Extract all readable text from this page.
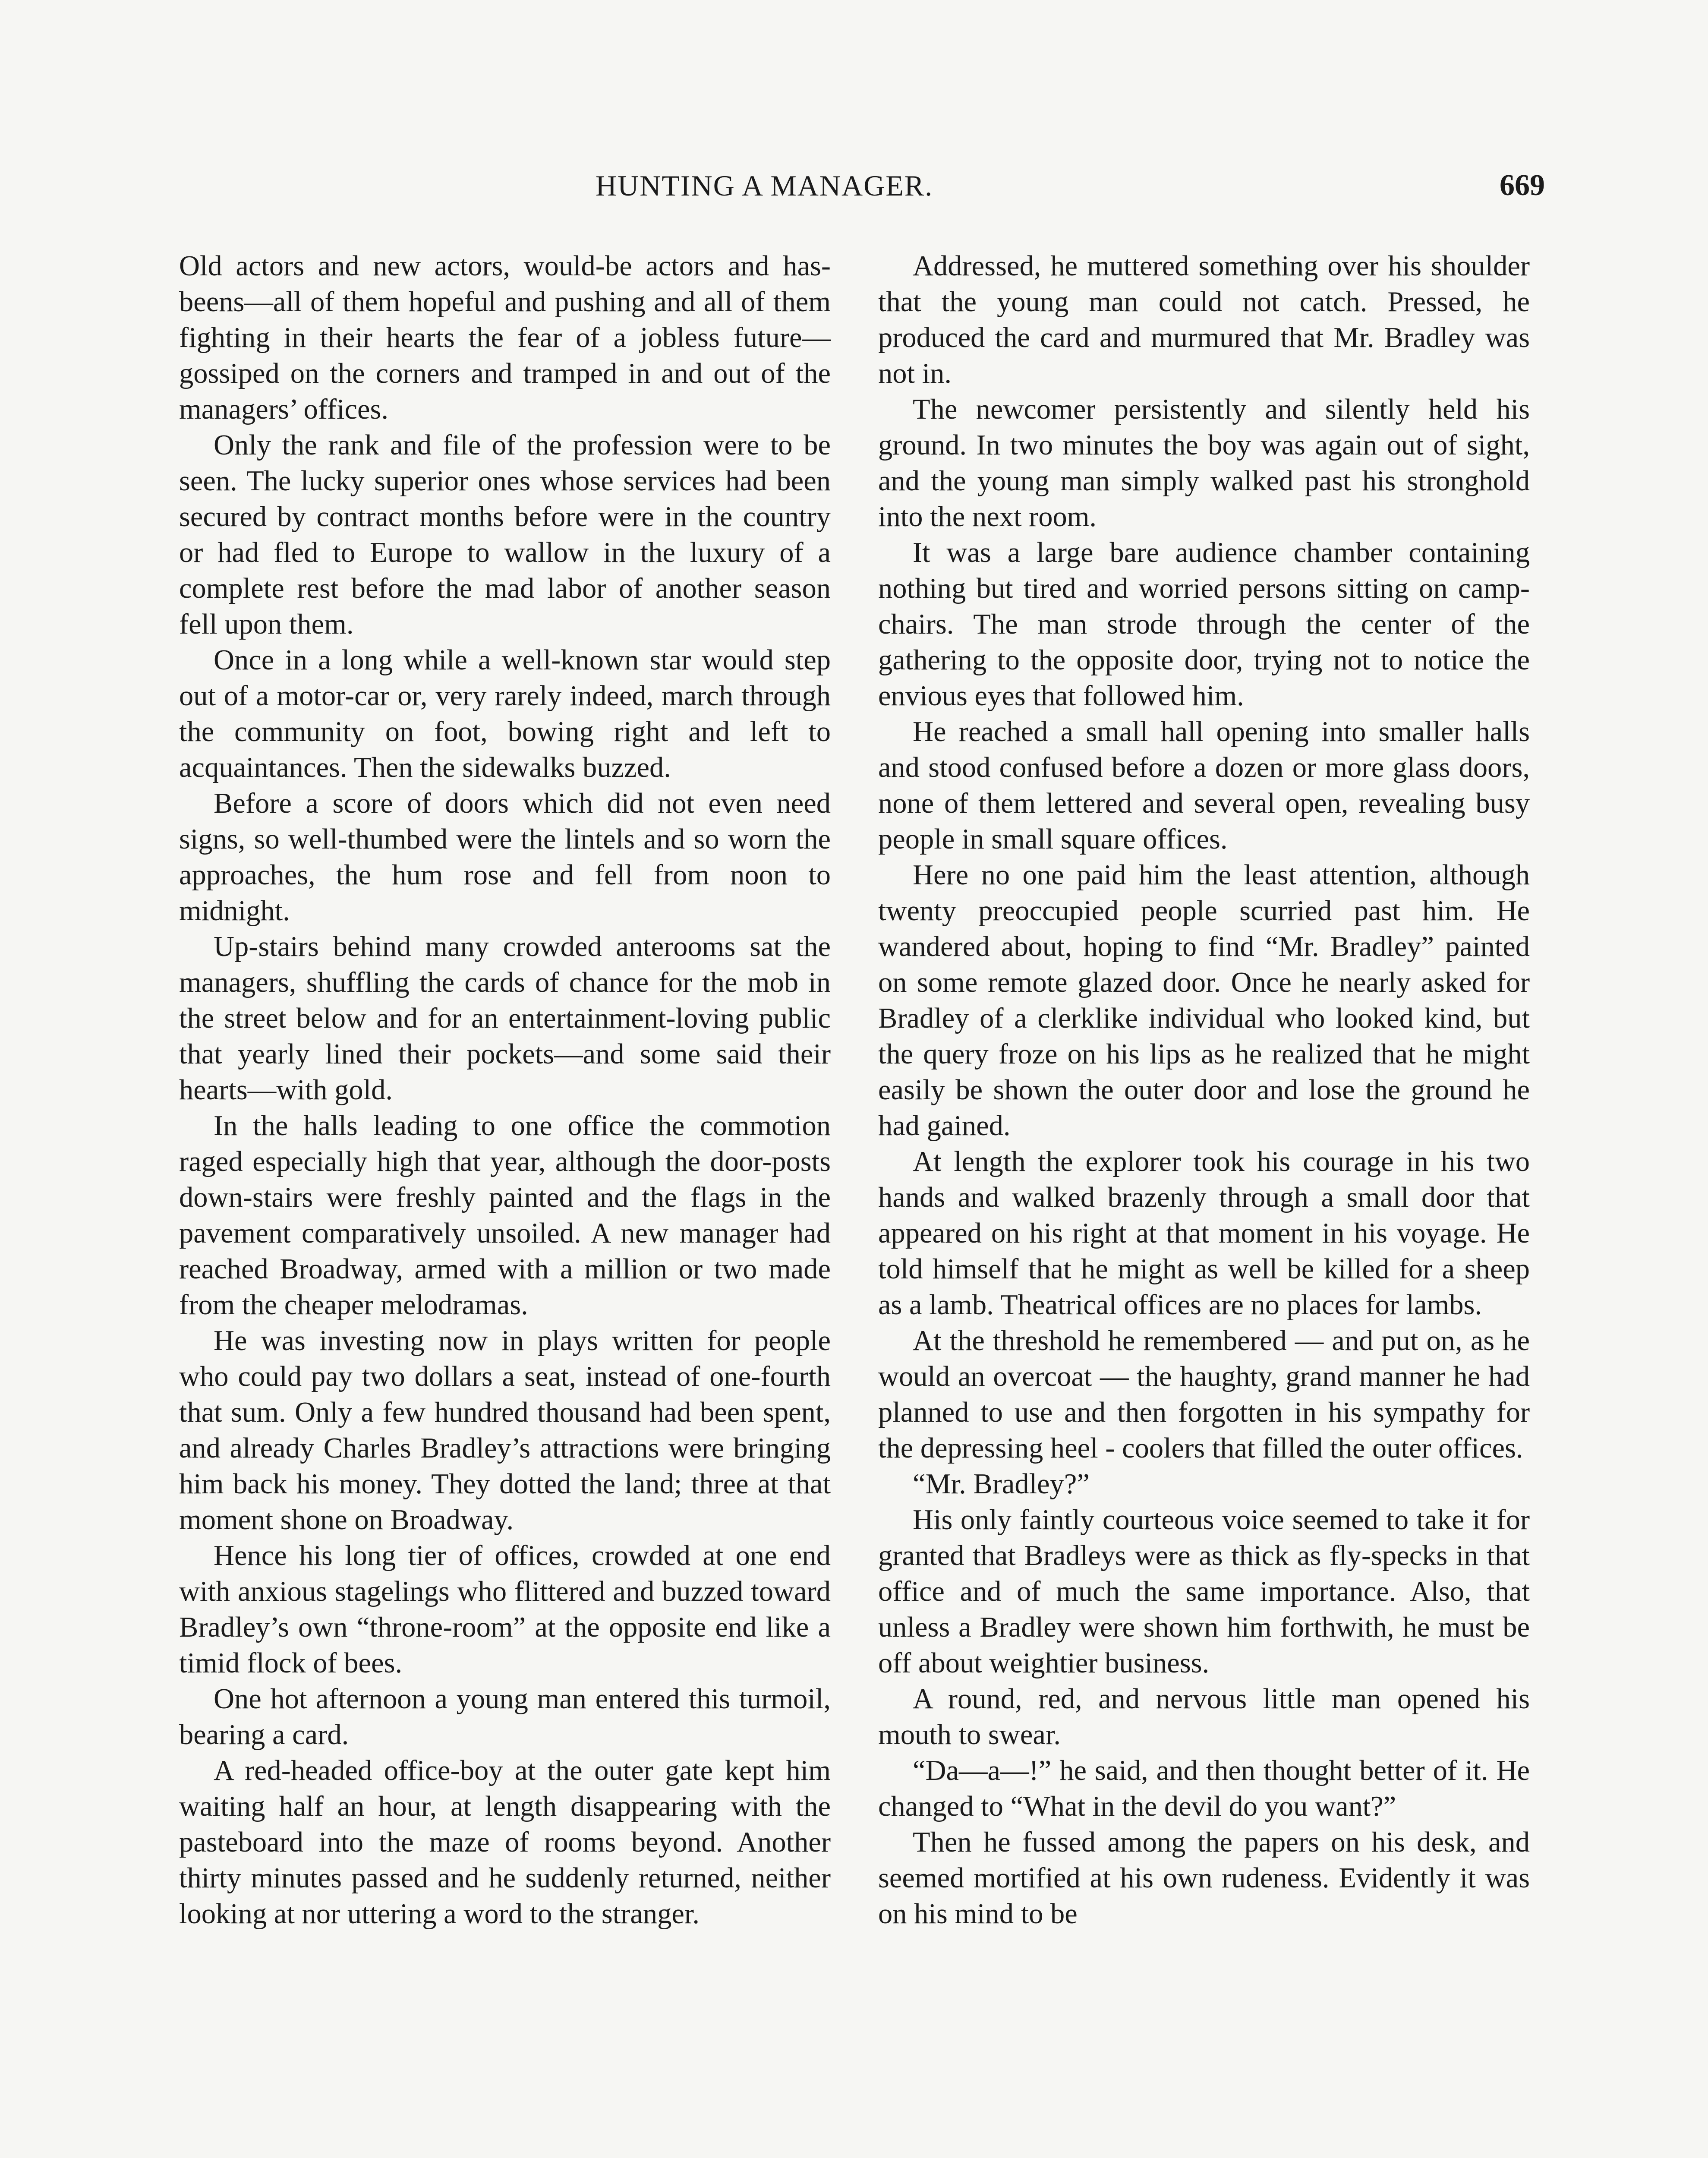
HUNTING A MANAGER.	669

Old actors and new actors, would-be actors and has-beens—all of them hopeful and pushing and all of them fighting in their hearts the fear of a jobless future—gossiped on the corners and tramped in and out of the managers’ offices.

Only the rank and file of the profession were to be seen. The lucky superior ones whose services had been secured by contract months before were in the country or had fled to Europe to wallow in the luxury of a complete rest before the mad labor of another season fell upon them.

Once in a long while a well-known star would step out of a motor-car or, very rarely indeed, march through the community on foot, bowing right and left to acquaintances. Then the sidewalks buzzed.

Before a score of doors which did not even need signs, so well-thumbed were the lintels and so worn the approaches, the hum rose and fell from noon to midnight.

Up-stairs behind many crowded anterooms sat the managers, shuffling the cards of chance for the mob in the street below and for an entertainment-loving public that yearly lined their pockets—and some said their hearts—with gold.

In the halls leading to one office the commotion raged especially high that year, although the door-posts down-stairs were freshly painted and the flags in the pavement comparatively unsoiled. A new manager had reached Broadway, armed with a million or two made from the cheaper melodramas.

He was investing now in plays written for people who could pay two dollars a seat, instead of one-fourth that sum. Only a few hundred thousand had been spent, and already Charles Bradley’s attractions were bringing him back his money. They dotted the land; three at that moment shone on Broadway.

Hence his long tier of offices, crowded at one end with anxious stagelings who flittered and buzzed toward Bradley’s own “throne-room” at the opposite end like a timid flock of bees.

One hot afternoon a young man entered this turmoil, bearing a card.

A red-headed office-boy at the outer gate kept him waiting half an hour, at length disappearing with the pasteboard into the maze of rooms beyond. Another thirty minutes passed and he suddenly returned, neither looking at nor uttering a word to the stranger.

Addressed, he muttered something over his shoulder that the young man could not catch. Pressed, he produced the card and murmured that Mr. Bradley was not in.

The newcomer persistently and silently held his ground. In two minutes the boy was again out of sight, and the young man simply walked past his stronghold into the next room.

It was a large bare audience chamber containing nothing but tired and worried persons sitting on camp-chairs. The man strode through the center of the gathering to the opposite door, trying not to notice the envious eyes that followed him.

He reached a small hall opening into smaller halls and stood confused before a dozen or more glass doors, none of them lettered and several open, revealing busy people in small square offices.

Here no one paid him the least attention, although twenty preoccupied people scurried past him. He wandered about, hoping to find “Mr. Bradley” painted on some remote glazed door. Once he nearly asked for Bradley of a clerklike individual who looked kind, but the query froze on his lips as he realized that he might easily be shown the outer door and lose the ground he had gained.

At length the explorer took his courage in his two hands and walked brazenly through a small door that appeared on his right at that moment in his voyage. He told himself that he might as well be killed for a sheep as a lamb. Theatrical offices are no places for lambs.

At the threshold he remembered — and put on, as he would an overcoat — the haughty, grand manner he had planned to use and then forgotten in his sympathy for the depressing heel - coolers that filled the outer offices.

“Mr. Bradley?”

His only faintly courteous voice seemed to take it for granted that Bradleys were as thick as fly-specks in that office and of much the same importance. Also, that unless a Bradley were shown him forthwith, he must be off about weightier business.

A round, red, and nervous little man opened his mouth to swear.

“Da—a—!” he said, and then thought better of it. He changed to “What in the devil do you want?”

Then he fussed among the papers on his desk, and seemed mortified at his own rudeness. Evidently it was on his mind to be
